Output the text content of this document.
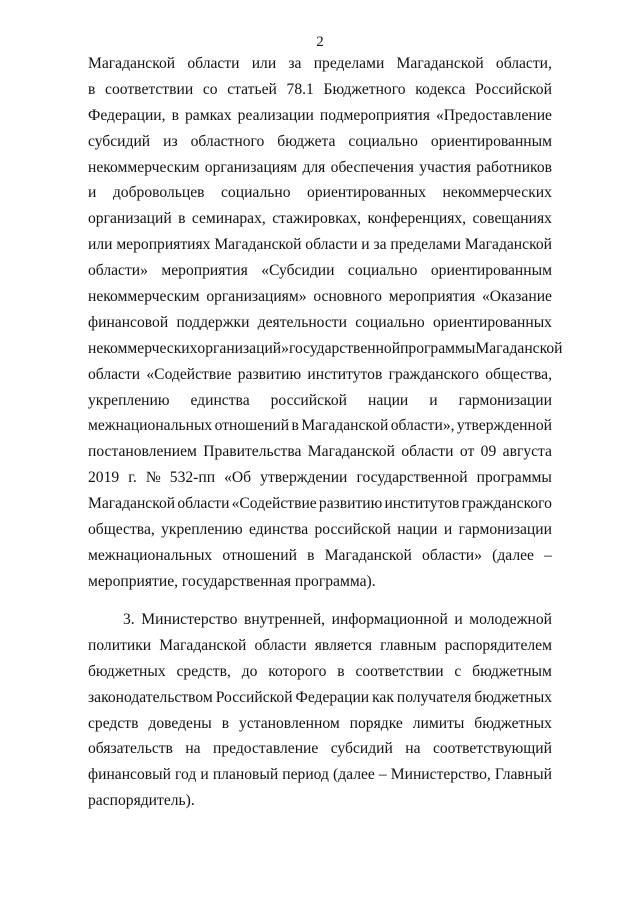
2
Магаданской области или за пределами Магаданской области,
в соответствии со статьей 78.1 Бюджетного кодекса Российской
Федерации, в рамках реализации подмероприятия «Предоставление
субсидий из областного бюджета социально ориентированным
некоммерческим организациям для обеспечения участия работников
и добровольцев социально ориентированных некоммерческих
организаций в семинарах, стажировках, конференциях, совещаниях
или мероприятиях Магаданской области и за пределами Магаданской
области» мероприятия «Субсидии социально ориентированным
некоммерческим организациям» основного мероприятия «Оказание
финансовой поддержки деятельности социально ориентированных
некоммерческих организаций» государственной программы Магаданской
области «Содействие развитию институтов гражданского общества,
укреплению единства российской нации и гармонизации
межнациональных отношений в Магаданской области», утвержденной
постановлением Правительства Магаданской области от 09 августа
2019 г. № 532-пп «Об утверждении государственной программы
Магаданской области «Содействие развитию институтов гражданского
общества, укреплению единства российской нации и гармонизации
межнациональных отношений в Магаданской области» (далее –
мероприятие, государственная программа).
3. Министерство внутренней, информационной и молодежной
политики Магаданской области является главным распорядителем
бюджетных средств, до которого в соответствии с бюджетным
законодательством Российской Федерации как получателя бюджетных
средств доведены в установленном порядке лимиты бюджетных
обязательств на предоставление субсидий на соответствующий
финансовый год и плановый период (далее – Министерство, Главный
распорядитель).
